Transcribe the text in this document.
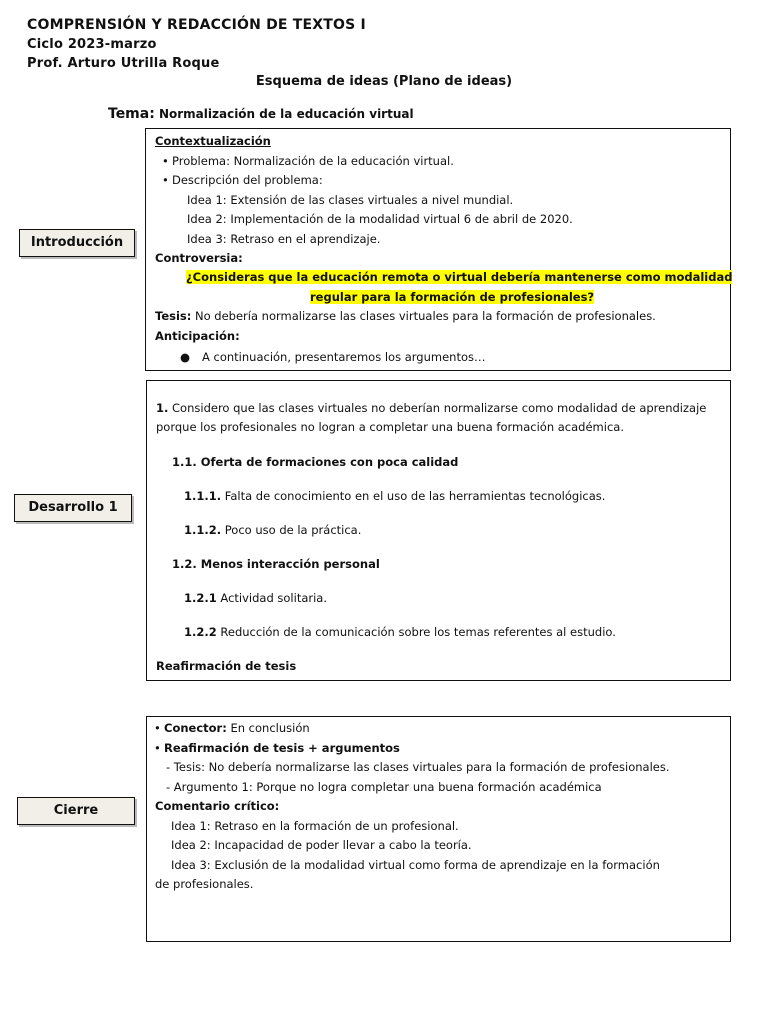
COMPRENSIÓN Y REDACCIÓN DE TEXTOS I
Ciclo 2023-marzo
Prof. Arturo Utrilla Roque
Esquema de ideas (Plano de ideas)
Tema: Normalización de la educación virtual
Introducción
Desarrollo 1
Cierre
Contextualización
• Problema: Normalización de la educación virtual.
• Descripción del problema:
Idea 1: Extensión de las clases virtuales a nivel mundial.
Idea 2: Implementación de la modalidad virtual 6 de abril de 2020.
Idea 3: Retraso en el aprendizaje.
Controversia:
¿Consideras que la educación remota o virtual debería mantenerse como modalidad
regular para la formación de profesionales?
Tesis: No debería normalizarse las clases virtuales para la formación de profesionales.
Anticipación:
● A continuación, presentaremos los argumentos…
1. Considero que las clases virtuales no deberían normalizarse como modalidad de aprendizaje
porque los profesionales no logran a completar una buena formación académica.
1.1. Oferta de formaciones con poca calidad
1.1.1. Falta de conocimiento en el uso de las herramientas tecnológicas.
1.1.2. Poco uso de la práctica.
1.2. Menos interacción personal
1.2.1 Actividad solitaria.
1.2.2 Reducción de la comunicación sobre los temas referentes al estudio.
Reafirmación de tesis
• Conector: En conclusión
• Reafirmación de tesis + argumentos
- Tesis: No debería normalizarse las clases virtuales para la formación de profesionales.
- Argumento 1: Porque no logra completar una buena formación académica
Comentario crítico:
Idea 1: Retraso en la formación de un profesional.
Idea 2: Incapacidad de poder llevar a cabo la teoría.
Idea 3: Exclusión de la modalidad virtual como forma de aprendizaje en la formación
de profesionales.
